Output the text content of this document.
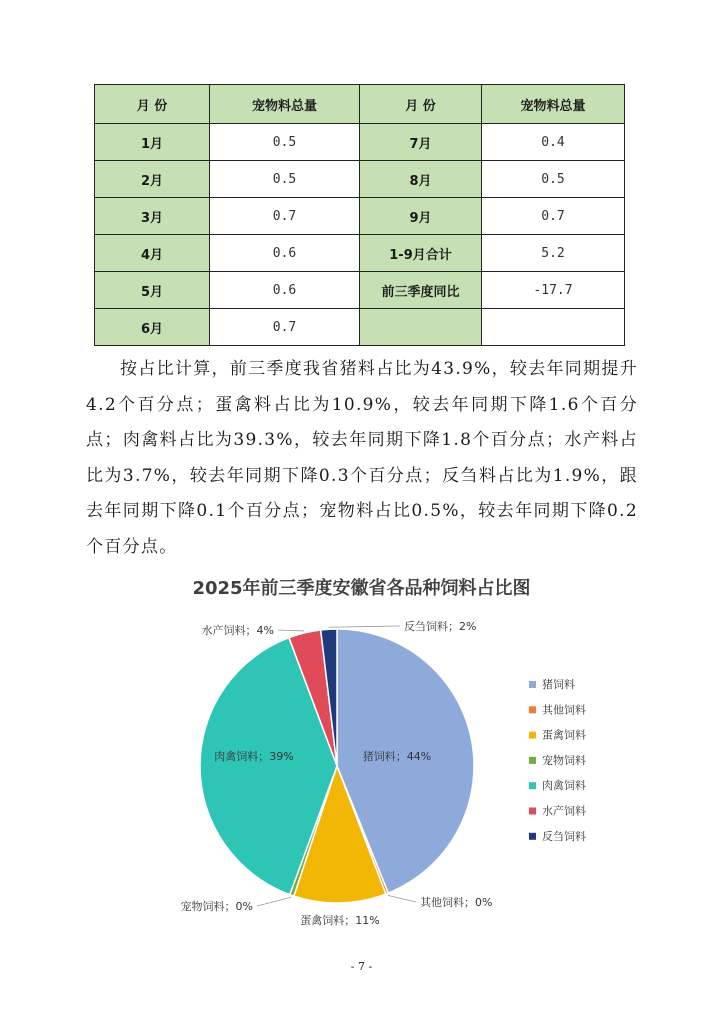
月 份	宠物料总量	月 份	宠物料总量
1月	0.5	7月	0.4
2月	0.5	8月	0.5
3月	0.7	9月	0.7
4月	0.6	1-9月合计	5.2
5月	0.6	前三季度同比	-17.7
6月	0.7		

按占比计算，前三季度我省猪料占比为43.9%，较去年同期提升4.2个百分点；蛋禽料占比为10.9%，较去年同期下降1.6个百分点；肉禽料占比为39.3%，较去年同期下降1.8个百分点；水产料占比为3.7%，较去年同期下降0.3个百分点；反刍料占比为1.9%，跟去年同期下降0.1个百分点；宠物料占比0.5%，较去年同期下降0.2个百分点。

2025年前三季度安徽省各品种饲料占比图
猪饲料；44%
其他饲料；0%
蛋禽饲料；11%
宠物饲料；0%
肉禽饲料；39%
水产饲料；4%	反刍饲料；2%
猪饲料
其他饲料
蛋禽饲料
宠物饲料
肉禽饲料
水产饲料
反刍饲料
- 7 -
